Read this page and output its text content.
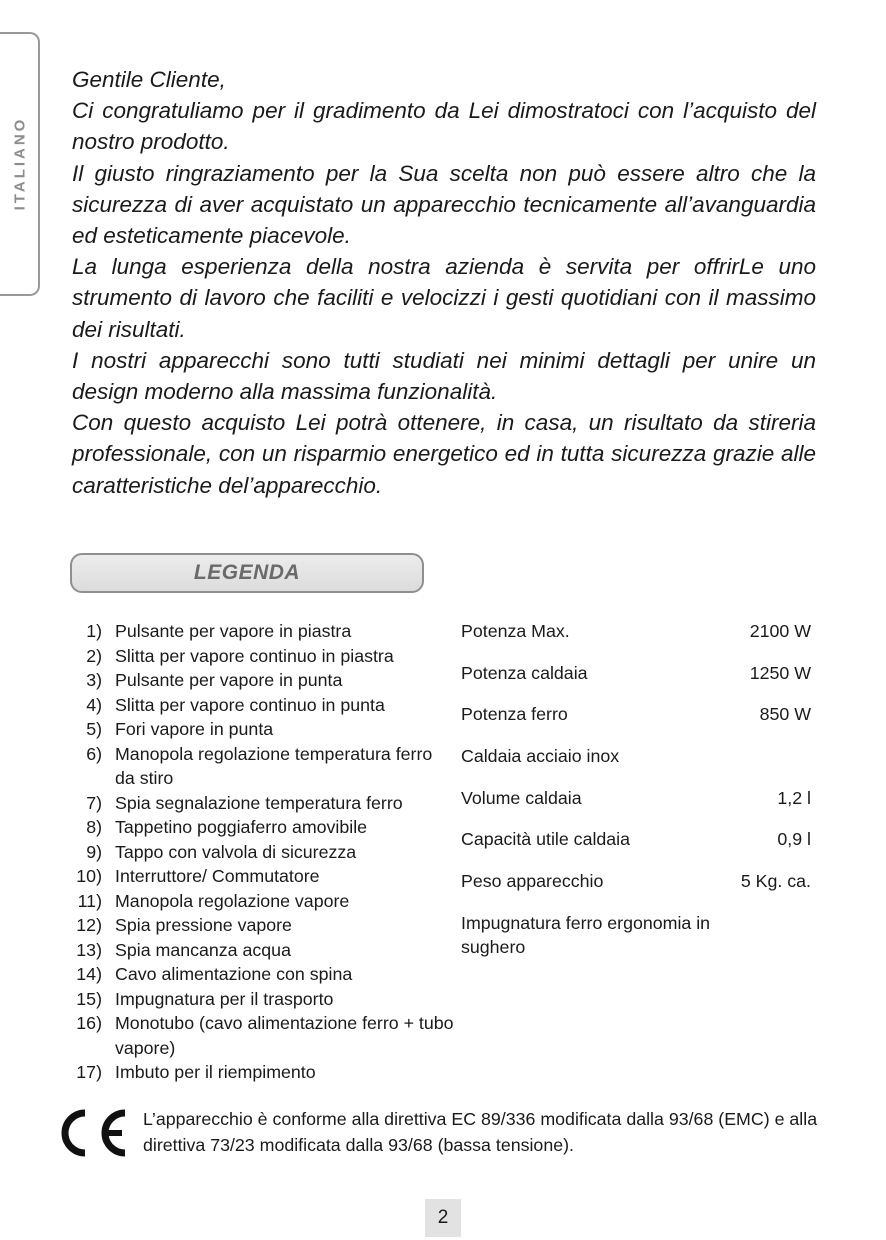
ITALIANO

Gentile Cliente,

Ci congratuliamo per il gradimento da Lei dimostratoci con l’acquisto del nostro prodotto.

Il giusto ringraziamento per la Sua scelta non può essere altro che la sicurezza di aver acquistato un apparecchio tecnicamente all’avanguardia ed esteticamente piacevole.

La lunga esperienza della nostra azienda è servita per offrirLe uno strumento di lavoro che faciliti e velocizzi i gesti quotidiani con il massimo dei risultati.

I nostri apparecchi sono tutti studiati nei minimi dettagli per unire un design moderno alla massima funzionalità.

Con questo acquisto Lei potrà ottenere, in casa, un risultato da stireria professionale, con un risparmio energetico ed in tutta sicurezza grazie alle caratteristiche del’apparecchio.

LEGENDA
1) Pulsante per vapore in piastra
2) Slitta per vapore continuo in piastra
3) Pulsante per vapore in punta
4) Slitta per vapore continuo in punta
5) Fori vapore in punta
6) Manopola regolazione temperatura ferro da stiro
7) Spia segnalazione temperatura ferro
8) Tappetino poggiaferro amovibile
9) Tappo con valvola di sicurezza
10) Interruttore/ Commutatore
11) Manopola regolazione vapore
12) Spia pressione vapore
13) Spia mancanza acqua
14) Cavo alimentazione con spina
15) Impugnatura per il trasporto
16) Monotubo (cavo alimentazione ferro + tubo vapore)
17) Imbuto per il riempimento
Potenza Max.	2100 W
Potenza caldaia	1250 W
Potenza ferro	850 W
Caldaia acciaio inox
Volume caldaia	1,2 l
Capacità utile caldaia	0,9 l
Peso apparecchio	5 Kg. ca.
Impugnatura ferro ergonomia in sughero
L’apparecchio è conforme alla direttiva EC 89/336 modificata dalla 93/68 (EMC) e alla direttiva 73/23 modificata dalla 93/68 (bassa tensione).
2
